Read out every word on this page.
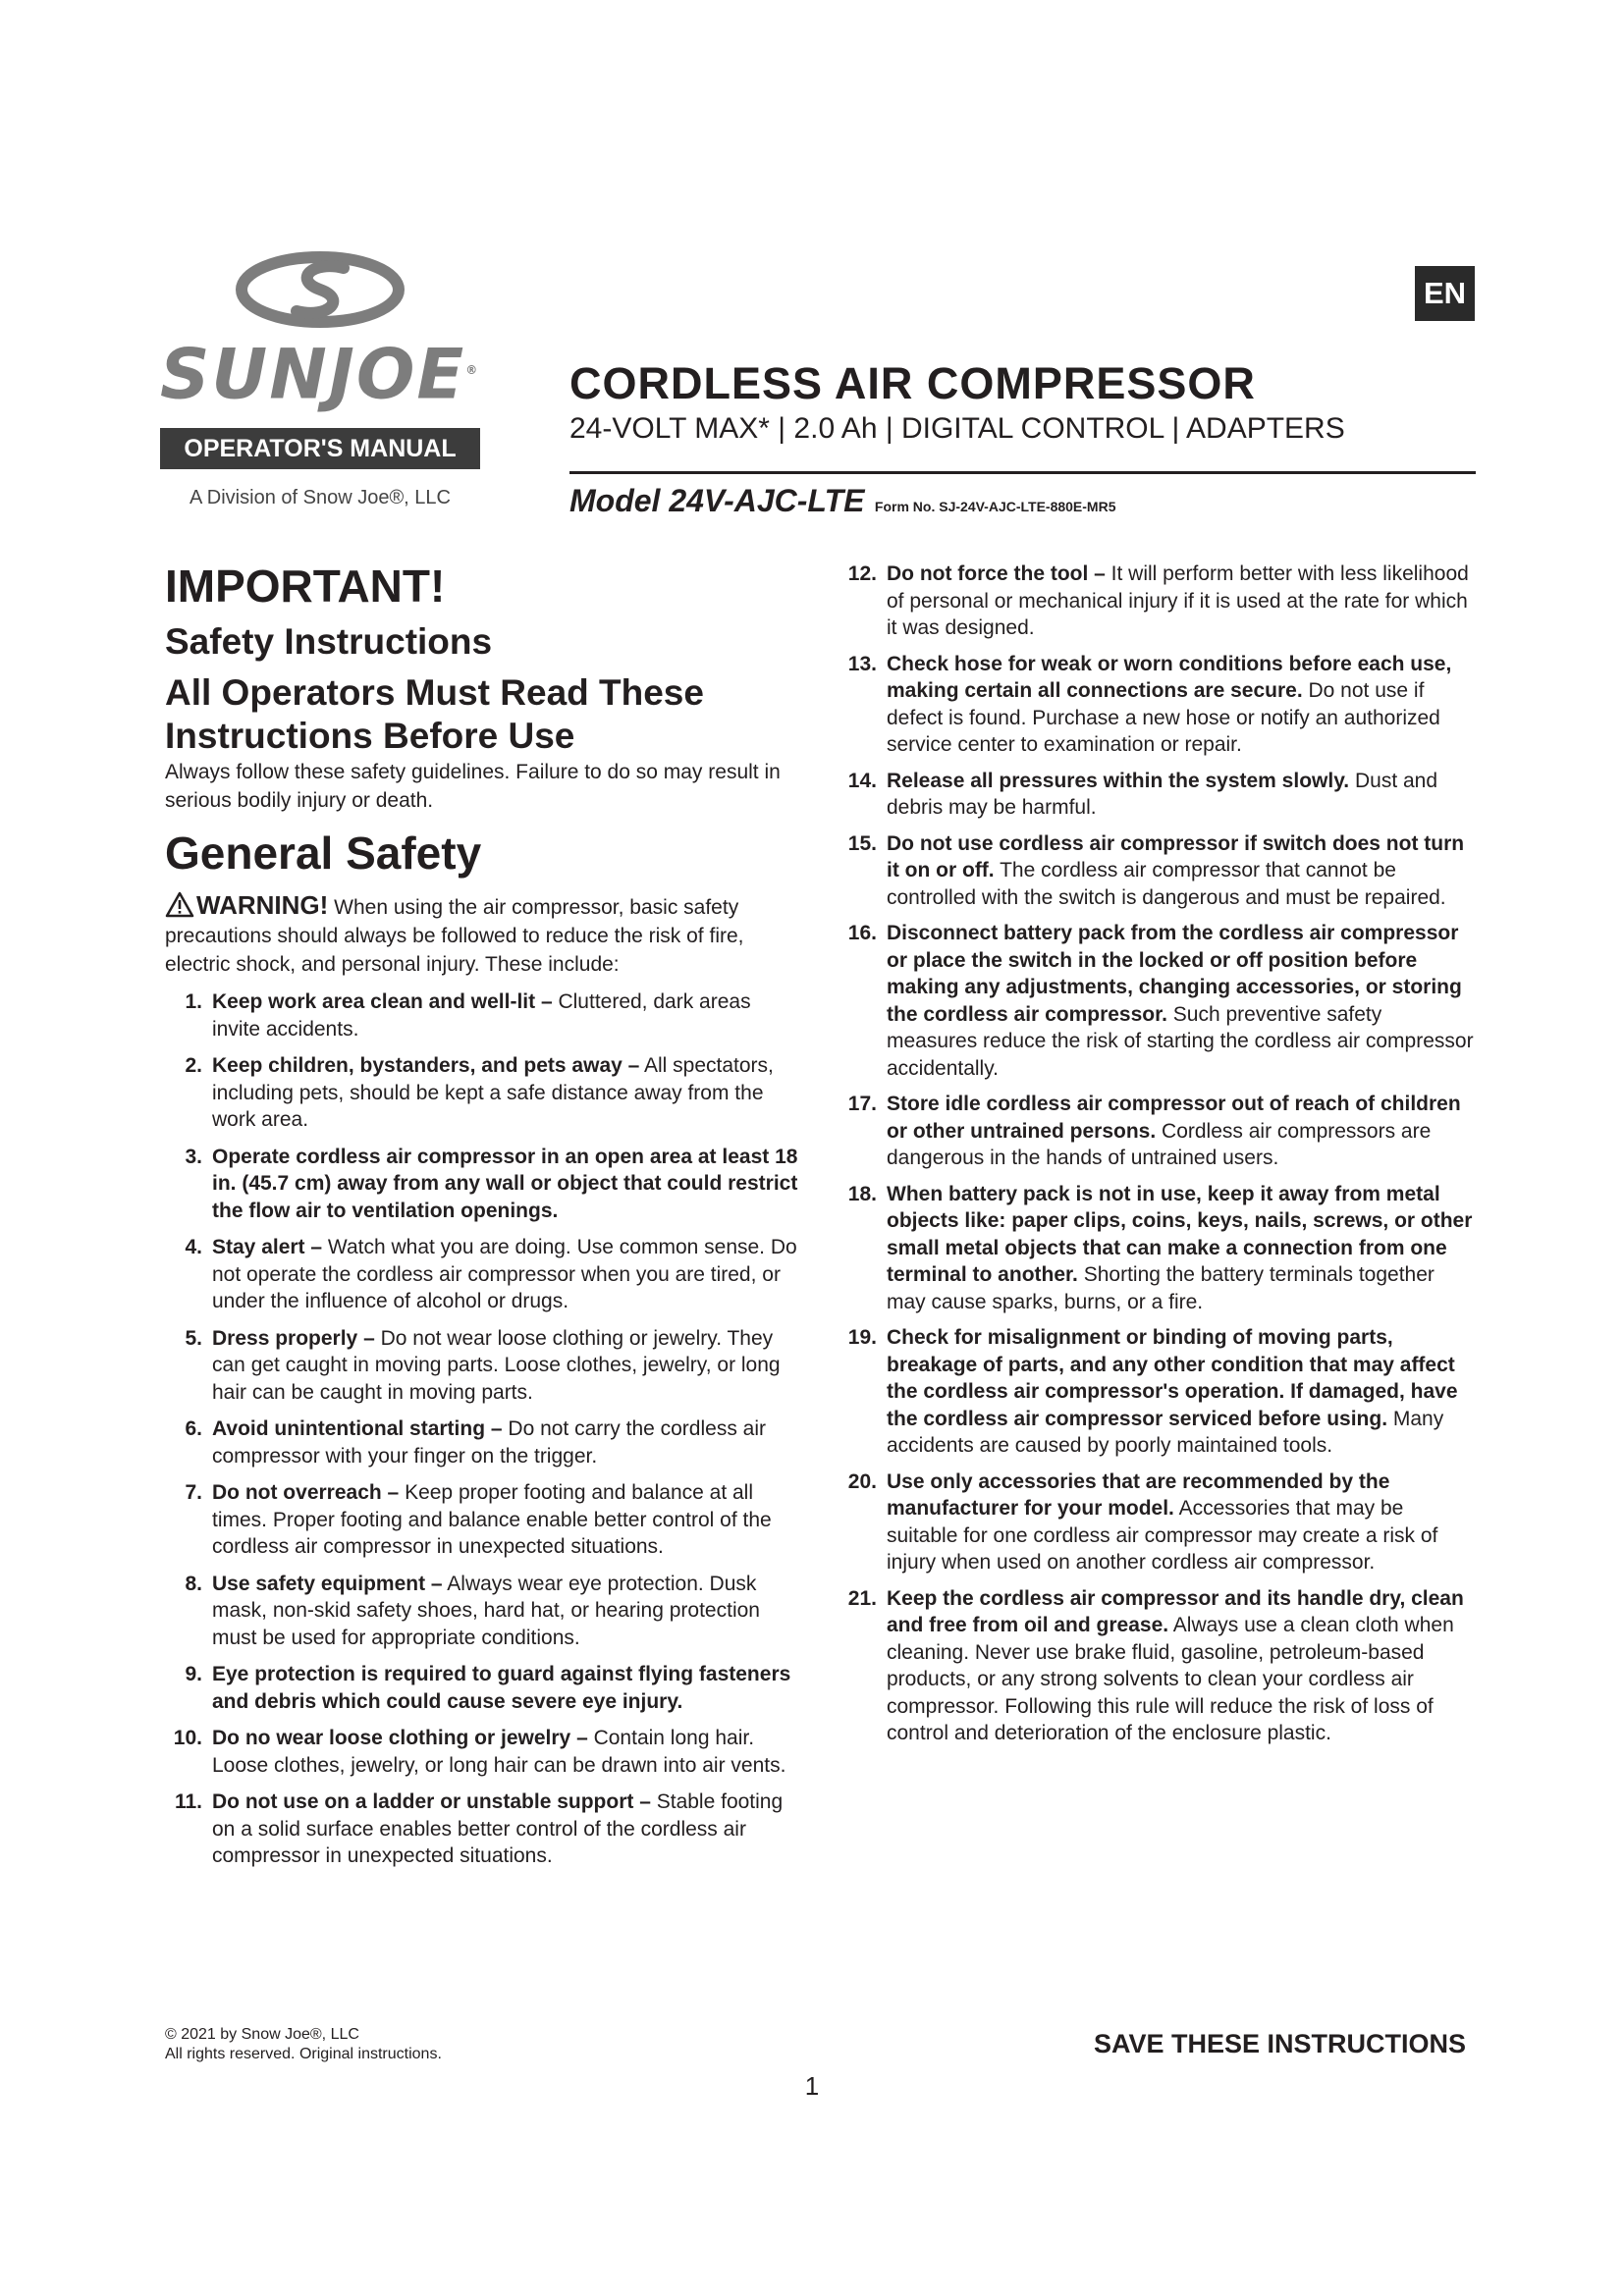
SUNJOE®
OPERATOR'S MANUAL
A Division of Snow Joe®, LLC
EN
CORDLESS AIR COMPRESSOR
24-VOLT MAX* | 2.0 Ah | DIGITAL CONTROL | ADAPTERS
Model 24V-AJC-LTE Form No. SJ-24V-AJC-LTE-880E-MR5
IMPORTANT!
Safety Instructions
All Operators Must Read These Instructions Before Use

Always follow these safety guidelines. Failure to do so may result in serious bodily injury or death.

General Safety

WARNING! When using the air compressor, basic safety precautions should always be followed to reduce the risk of fire, electric shock, and personal injury. These include:

1. Keep work area clean and well-lit – Cluttered, dark areas invite accidents.
2. Keep children, bystanders, and pets away – All spectators, including pets, should be kept a safe distance away from the work area.
3. Operate cordless air compressor in an open area at least 18 in. (45.7 cm) away from any wall or object that could restrict the flow air to ventilation openings.
4. Stay alert – Watch what you are doing. Use common sense. Do not operate the cordless air compressor when you are tired, or under the influence of alcohol or drugs.
5. Dress properly – Do not wear loose clothing or jewelry. They can get caught in moving parts. Loose clothes, jewelry, or long hair can be caught in moving parts.
6. Avoid unintentional starting – Do not carry the cordless air compressor with your finger on the trigger.
7. Do not overreach – Keep proper footing and balance at all times. Proper footing and balance enable better control of the cordless air compressor in unexpected situations.
8. Use safety equipment – Always wear eye protection. Dusk mask, non-skid safety shoes, hard hat, or hearing protection must be used for appropriate conditions.
9. Eye protection is required to guard against flying fasteners and debris which could cause severe eye injury.
10. Do no wear loose clothing or jewelry – Contain long hair. Loose clothes, jewelry, or long hair can be drawn into air vents.
11. Do not use on a ladder or unstable support – Stable footing on a solid surface enables better control of the cordless air compressor in unexpected situations.
12. Do not force the tool – It will perform better with less likelihood of personal or mechanical injury if it is used at the rate for which it was designed.
13. Check hose for weak or worn conditions before each use, making certain all connections are secure. Do not use if defect is found. Purchase a new hose or notify an authorized service center to examination or repair.
14. Release all pressures within the system slowly. Dust and debris may be harmful.
15. Do not use cordless air compressor if switch does not turn it on or off. The cordless air compressor that cannot be controlled with the switch is dangerous and must be repaired.
16. Disconnect battery pack from the cordless air compressor or place the switch in the locked or off position before making any adjustments, changing accessories, or storing the cordless air compressor. Such preventive safety measures reduce the risk of starting the cordless air compressor accidentally.
17. Store idle cordless air compressor out of reach of children or other untrained persons. Cordless air compressors are dangerous in the hands of untrained users.
18. When battery pack is not in use, keep it away from metal objects like: paper clips, coins, keys, nails, screws, or other small metal objects that can make a connection from one terminal to another. Shorting the battery terminals together may cause sparks, burns, or a fire.
19. Check for misalignment or binding of moving parts, breakage of parts, and any other condition that may affect the cordless air compressor's operation. If damaged, have the cordless air compressor serviced before using. Many accidents are caused by poorly maintained tools.
20. Use only accessories that are recommended by the manufacturer for your model. Accessories that may be suitable for one cordless air compressor may create a risk of injury when used on another cordless air compressor.
21. Keep the cordless air compressor and its handle dry, clean and free from oil and grease. Always use a clean cloth when cleaning. Never use brake fluid, gasoline, petroleum-based products, or any strong solvents to clean your cordless air compressor. Following this rule will reduce the risk of loss of control and deterioration of the enclosure plastic.
© 2021 by Snow Joe®, LLC
All rights reserved. Original instructions.	SAVE THESE INSTRUCTIONS
1
